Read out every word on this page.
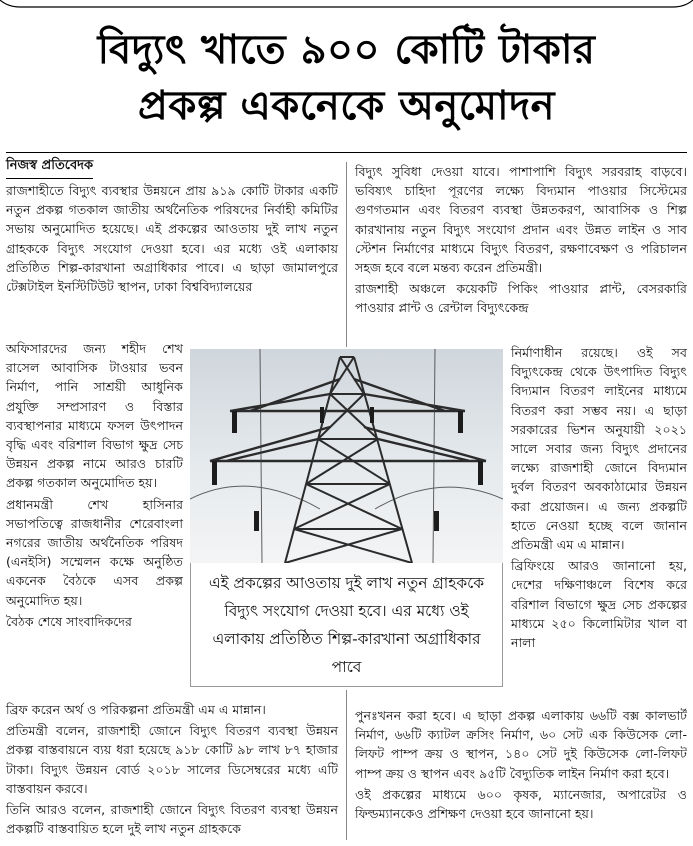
বিদ্যুৎ খাতে ৯০০ কোটি টাকার
প্রকল্প একনেকে অনুমোদন
নিজস্ব প্রতিবেদক

রাজশাহীতে বিদ্যুৎ ব্যবস্থার উন্নয়নে প্রায় ৯১৯ কোটি টাকার একটি নতুন প্রকল্প গতকাল জাতীয় অর্থনৈতিক পরিষদের নির্বাহী কমিটির সভায় অনুমোদিত হয়েছে। এই প্রকল্পের আওতায় দুই লাখ নতুন গ্রাহককে বিদ্যুৎ সংযোগ দেওয়া হবে। এর মধ্যে ওই এলাকায় প্রতিষ্ঠিত শিল্প-কারখানা অগ্রাধিকার পাবে। এ ছাড়া জামালপুরে টেক্সটাইল ইনস্টিটিউট স্থাপন, ঢাকা বিশ্ববিদ্যালয়ের

অফিসারদের জন্য শহীদ শেখ রাসেল আবাসিক টাওয়ার ভবন নির্মাণ, পানি সাশ্রয়ী আধুনিক প্রযুক্তি সম্প্রসারণ ও বিস্তার ব্যবস্থাপনার মাধ্যমে ফসল উৎপাদন বৃদ্ধি এবং বরিশাল বিভাগ ক্ষুদ্র সেচ উন্নয়ন প্রকল্প নামে আরও চারটি প্রকল্প গতকাল অনুমোদিত হয়।

প্রধানমন্ত্রী শেখ হাসিনার সভাপতিত্বে রাজধানীর শেরেবাংলা নগরের জাতীয় অর্থনৈতিক পরিষদ (এনইসি) সম্মেলন কক্ষে অনুষ্ঠিত একনেক বৈঠকে এসব প্রকল্প অনুমোদিত হয়।

বৈঠক শেষে সাংবাদিকদের

ব্রিফ করেন অর্থ ও পরিকল্পনা প্রতিমন্ত্রী এম এ মান্নান।

প্রতিমন্ত্রী বলেন, রাজশাহী জোনে বিদ্যুৎ বিতরণ ব্যবস্থা উন্নয়ন প্রকল্প বাস্তবায়নে ব্যয় ধরা হয়েছে ৯১৮ কোটি ৯৮ লাখ ৮৭ হাজার টাকা। বিদ্যুৎ উন্নয়ন বোর্ড ২০১৮ সালের ডিসেম্বরের মধ্যে এটি বাস্তবায়ন করবে।

তিনি আরও বলেন, রাজশাহী জোনে বিদ্যুৎ বিতরণ ব্যবস্থা উন্নয়ন প্রকল্পটি বাস্তবায়িত হলে দুই লাখ নতুন গ্রাহককে

বিদ্যুৎ সুবিধা দেওয়া যাবে। পাশাপাশি বিদ্যুৎ সরবরাহ বাড়বে। ভবিষ্যৎ চাহিদা পূরণের লক্ষ্যে বিদ্যমান পাওয়ার সিস্টেমের গুণগতমান এবং বিতরণ ব্যবস্থা উন্নতকরণ, আবাসিক ও শিল্প কারখানায় নতুন বিদ্যুৎ সংযোগ প্রদান এবং উন্নত লাইন ও সাব স্টেশন নির্মাণের মাধ্যমে বিদ্যুৎ বিতরণ, রক্ষণাবেক্ষণ ও পরিচালন সহজ হবে বলে মন্তব্য করেন প্রতিমন্ত্রী।

রাজশাহী অঞ্চলে কয়েকটি পিকিং পাওয়ার প্লান্ট, বেসরকারি পাওয়ার প্লান্ট ও রেন্টাল বিদ্যুৎকেন্দ্র

নির্মাণাধীন রয়েছে। ওই সব বিদ্যুৎকেন্দ্র থেকে উৎপাদিত বিদ্যুৎ বিদ্যমান বিতরণ লাইনের মাধ্যমে বিতরণ করা সম্ভব নয়। এ ছাড়া সরকারের ভিশন অনুযায়ী ২০২১ সালে সবার জন্য বিদ্যুৎ প্রদানের লক্ষ্যে রাজশাহী জোনে বিদ্যমান দুর্বল বিতরণ অবকাঠামোর উন্নয়ন করা প্রয়োজন। এ জন্য প্রকল্পটি হাতে নেওয়া হচ্ছে বলে জানান প্রতিমন্ত্রী এম এ মান্নান।

ব্রিফিংয়ে আরও জানানো হয়, দেশের দক্ষিণাঞ্চলে বিশেষ করে বরিশাল বিভাগে ক্ষুদ্র সেচ প্রকল্পের মাধ্যমে ২৫০ কিলোমিটার খাল বা নালা

পুনঃখনন করা হবে। এ ছাড়া প্রকল্প এলাকায় ৬৬টি বক্স কালভার্ট নির্মাণ, ৬৬টি ক্যাটল ক্রসিং নির্মাণ, ৬০ সেট এক কিউসেক লো-লিফট পাম্প ক্রয় ও স্থাপন, ১৪০ সেট দুই কিউসেক লো-লিফট পাম্প ক্রয় ও স্থাপন এবং ৯৫টি বৈদ্যুতিক লাইন নির্মাণ করা হবে।

ওই প্রকল্পের মাধ্যমে ৬০০ কৃষক, ম্যানেজার, অপারেটর ও ফিল্ডম্যানকেও প্রশিক্ষণ দেওয়া হবে জানানো হয়।

এই প্রকল্পের আওতায় দুই লাখ নতুন গ্রাহককে বিদ্যুৎ সংযোগ দেওয়া হবে। এর মধ্যে ওই এলাকায় প্রতিষ্ঠিত শিল্প-কারখানা অগ্রাধিকার পাবে
